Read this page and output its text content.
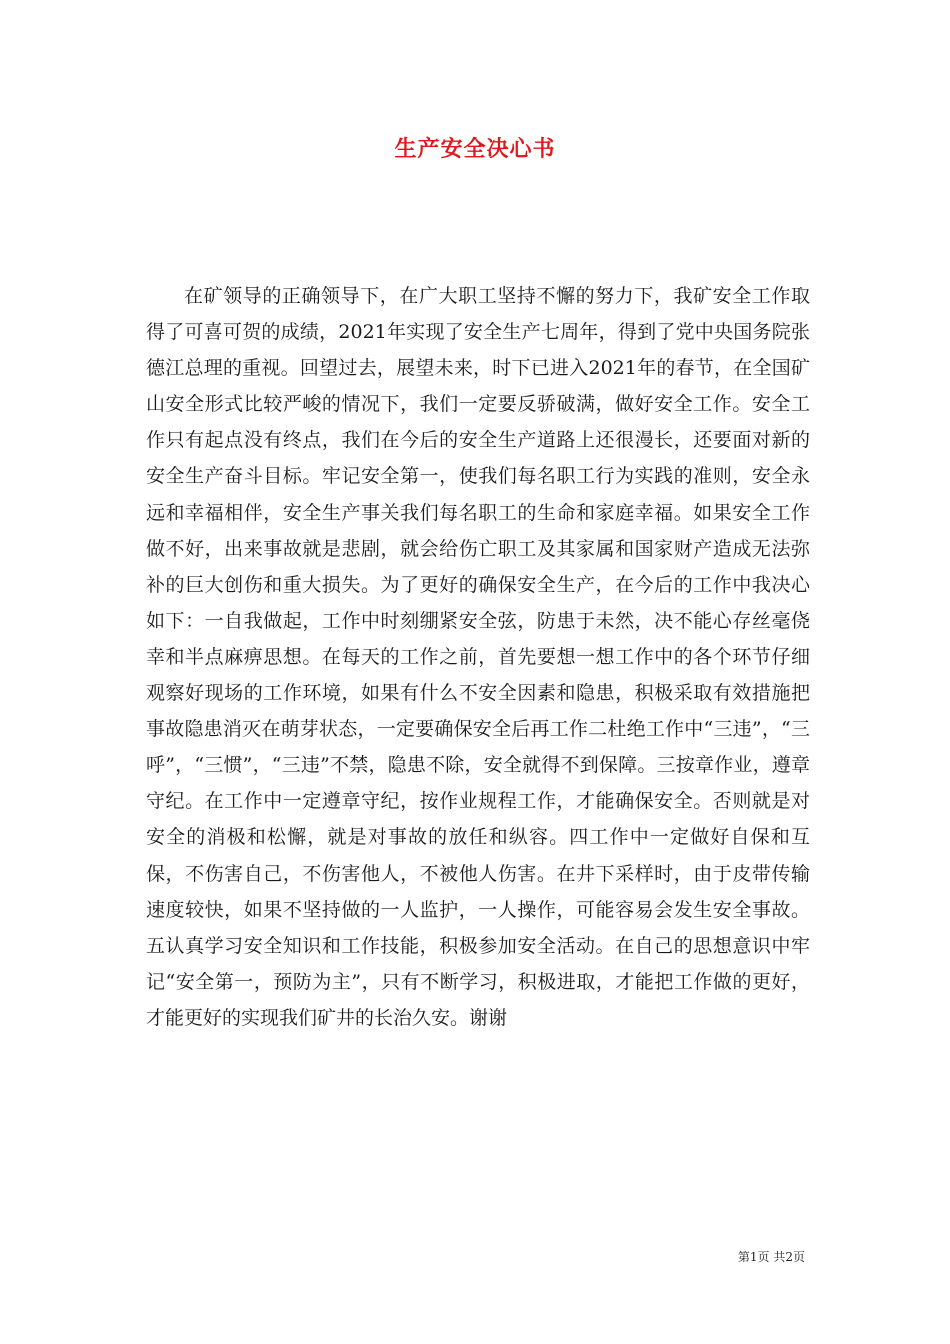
生产安全决心书

在矿领导的正确领导下，在广大职工坚持不懈的努力下，我矿安全工作取得了可喜可贺的成绩，2021年实现了安全生产七周年，得到了党中央国务院张德江总理的重视。回望过去，展望未来，时下已进入2021年的春节，在全国矿山安全形式比较严峻的情况下，我们一定要反骄破满，做好安全工作。安全工作只有起点没有终点，我们在今后的安全生产道路上还很漫长，还要面对新的安全生产奋斗目标。牢记安全第一，使我们每名职工行为实践的准则，安全永远和幸福相伴，安全生产事关我们每名职工的生命和家庭幸福。如果安全工作做不好，出来事故就是悲剧，就会给伤亡职工及其家属和国家财产造成无法弥补的巨大创伤和重大损失。为了更好的确保安全生产，在今后的工作中我决心如下：一自我做起，工作中时刻绷紧安全弦，防患于未然，决不能心存丝毫侥幸和半点麻痹思想。在每天的工作之前，首先要想一想工作中的各个环节仔细观察好现场的工作环境，如果有什么不安全因素和隐患，积极采取有效措施把事故隐患消灭在萌芽状态，一定要确保安全后再工作二杜绝工作中“三违”，“三呼”，“三惯”，“三违”不禁，隐患不除，安全就得不到保障。三按章作业，遵章守纪。在工作中一定遵章守纪，按作业规程工作，才能确保安全。否则就是对安全的消极和松懈，就是对事故的放任和纵容。四工作中一定做好自保和互保，不伤害自己，不伤害他人，不被他人伤害。在井下采样时，由于皮带传输速度较快，如果不坚持做的一人监护，一人操作，可能容易会发生安全事故。五认真学习安全知识和工作技能，积极参加安全活动。在自己的思想意识中牢记“安全第一，预防为主”，只有不断学习，积极进取，才能把工作做的更好，才能更好的实现我们矿井的长治久安。谢谢

第1页 共2页
